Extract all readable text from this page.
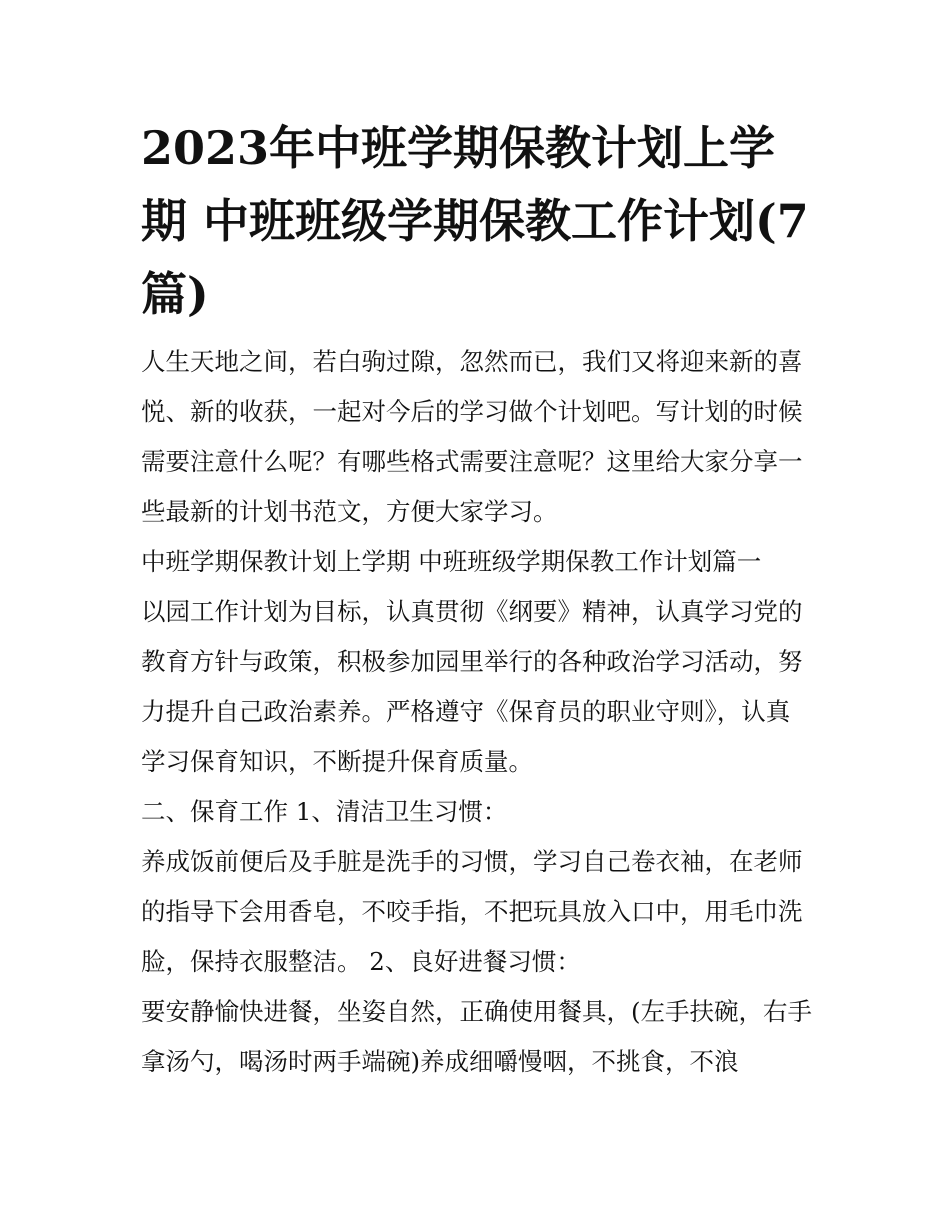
2023年中班学期保教计划上学期 中班班级学期保教工作计划(7篇)

人生天地之间，若白驹过隙，忽然而已，我们又将迎来新的喜悦、新的收获，一起对今后的学习做个计划吧。写计划的时候需要注意什么呢？有哪些格式需要注意呢？这里给大家分享一些最新的计划书范文，方便大家学习。

中班学期保教计划上学期 中班班级学期保教工作计划篇一

以园工作计划为目标，认真贯彻《纲要》精神，认真学习党的教育方针与政策，积极参加园里举行的各种政治学习活动，努力提升自己政治素养。严格遵守《保育员的职业守则》，认真学习保育知识，不断提升保育质量。

二、保育工作 1、清洁卫生习惯：

养成饭前便后及手脏是洗手的习惯，学习自己卷衣袖，在老师的指导下会用香皂，不咬手指，不把玩具放入口中，用毛巾洗脸，保持衣服整洁。 2、良好进餐习惯：

要安静愉快进餐，坐姿自然，正确使用餐具，(左手扶碗，右手拿汤勺，喝汤时两手端碗)养成细嚼慢咽，不挑食，不浪
